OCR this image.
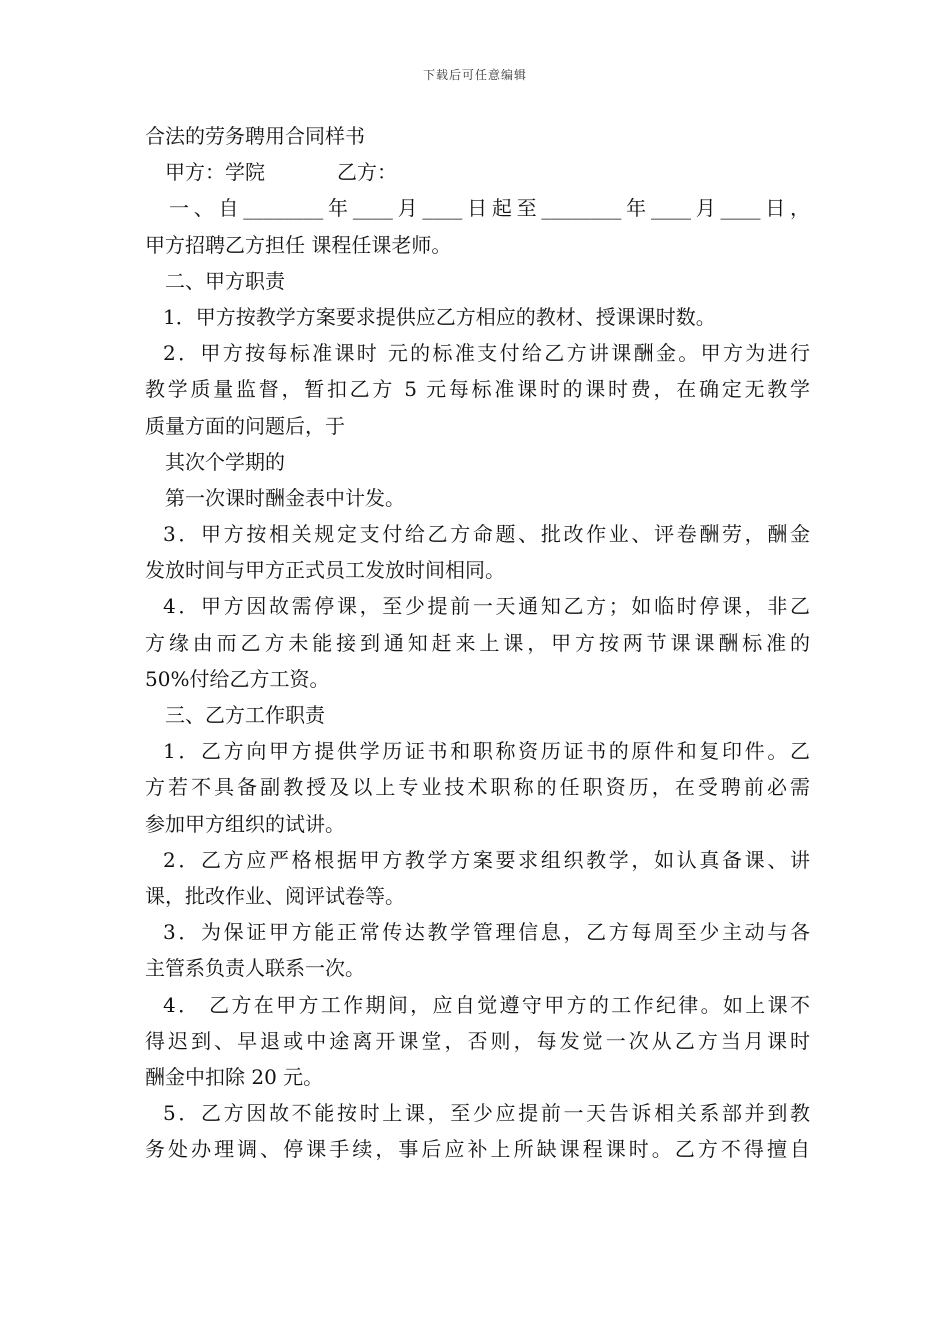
下载后可任意编辑
合法的劳务聘用合同样书
甲方：学院	乙方：
一、自________年____月____日起至________年____月____日，
甲方招聘乙方担任 课程任课老师。
二、甲方职责
1．甲方按教学方案要求提供应乙方相应的教材、授课课时数。
2．甲方按每标准课时 元的标准支付给乙方讲课酬金。甲方为进行
教学质量监督，暂扣乙方 5 元每标准课时的课时费，在确定无教学
质量方面的问题后，于
其次个学期的
第一次课时酬金表中计发。
3．甲方按相关规定支付给乙方命题、批改作业、评卷酬劳，酬金
发放时间与甲方正式员工发放时间相同。
4．甲方因故需停课，至少提前一天通知乙方；如临时停课，非乙
方缘由而乙方未能接到通知赶来上课，甲方按两节课课酬标准的
50%付给乙方工资。
三、乙方工作职责
1．乙方向甲方提供学历证书和职称资历证书的原件和复印件。乙
方若不具备副教授及以上专业技术职称的任职资历，在受聘前必需
参加甲方组织的试讲。
2．乙方应严格根据甲方教学方案要求组织教学，如认真备课、讲
课，批改作业、阅评试卷等。
3．为保证甲方能正常传达教学管理信息，乙方每周至少主动与各
主管系负责人联系一次。
4． 乙方在甲方工作期间，应自觉遵守甲方的工作纪律。如上课不
得迟到、早退或中途离开课堂，否则，每发觉一次从乙方当月课时
酬金中扣除 20 元。
5．乙方因故不能按时上课，至少应提前一天告诉相关系部并到教
务处办理调、停课手续，事后应补上所缺课程课时。乙方不得擅自
